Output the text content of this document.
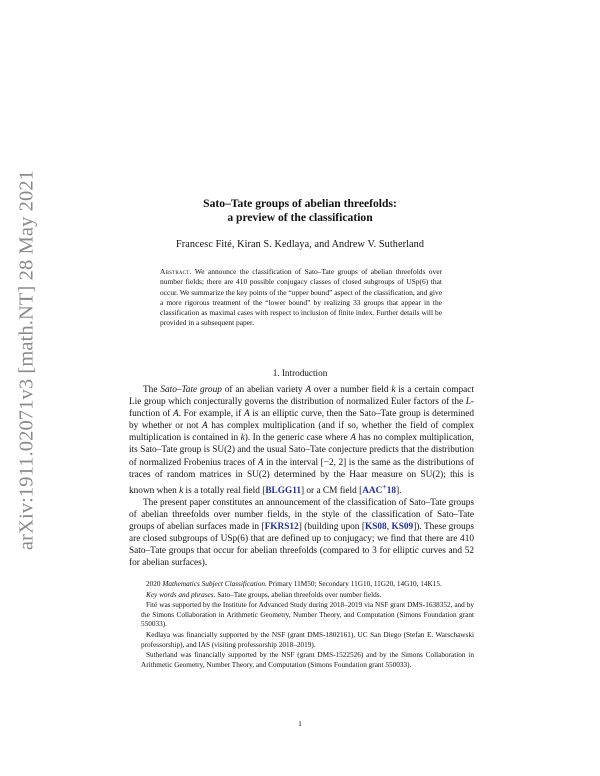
arXiv:1911.02071v3 [math.NT] 28 May 2021	Sato–Tate groups of abelian threefolds:
a preview of the classification
Francesc Fité, Kiran S. Kedlaya, and Andrew V. Sutherland
Abstract. We announce the classification of Sato–Tate groups of abelian threefolds over number fields; there are 410 possible conjugacy classes of closed subgroups of USp(6) that occur. We summarize the key points of the “upper bound” aspect of the classification, and give a more rigorous treatment of the “lower bound” by realizing 33 groups that appear in the classification as maximal cases with respect to inclusion of finite index. Further details will be provided in a subsequent paper.
1. Introduction

The Sato–Tate group of an abelian variety A over a number field k is a certain compact Lie group which conjecturally governs the distribution of normalized Euler factors of the L-function of A. For example, if A is an elliptic curve, then the Sato–Tate group is determined by whether or not A has complex multiplication (and if so, whether the field of complex multiplication is contained in k). In the generic case where A has no complex multiplication, its Sato–Tate group is SU(2) and the usual Sato–Tate conjecture predicts that the distribution of normalized Frobenius traces of A in the interval [−2, 2] is the same as the distributions of traces of random matrices in SU(2) determined by the Haar measure on SU(2); this is known when k is a totally real field [BLGG11] or a CM field [AAC+18].

The present paper constitutes an announcement of the classification of Sato–Tate groups of abelian threefolds over number fields, in the style of the classification of Sato–Tate groups of abelian surfaces made in [FKRS12] (building upon [KS08, KS09]). These groups are closed subgroups of USp(6) that are defined up to conjugacy; we find that there are 410 Sato–Tate groups that occur for abelian threefolds (compared to 3 for elliptic curves and 52 for abelian surfaces).

2020 Mathematics Subject Classification. Primary 11M50; Secondary 11G10, 11G20, 14G10, 14K15.

Key words and phrases. Sato–Tate groups, abelian threefolds over number fields.

Fité was supported by the Institute for Advanced Study during 2018–2019 via NSF grant DMS-1638352, and by the Simons Collaboration in Arithmetic Geometry, Number Theory, and Computation (Simons Foundation grant 550033).

Kedlaya was financially supported by the NSF (grant DMS-1802161), UC San Diego (Stefan E. Warschawski professorship), and IAS (visiting professorship 2018–2019).

Sutherland was financially supported by the NSF (grant DMS-1522526) and by the Simons Collaboration in Arithmetic Geometry, Number Theory, and Computation (Simons Foundation grant 550033).

1
